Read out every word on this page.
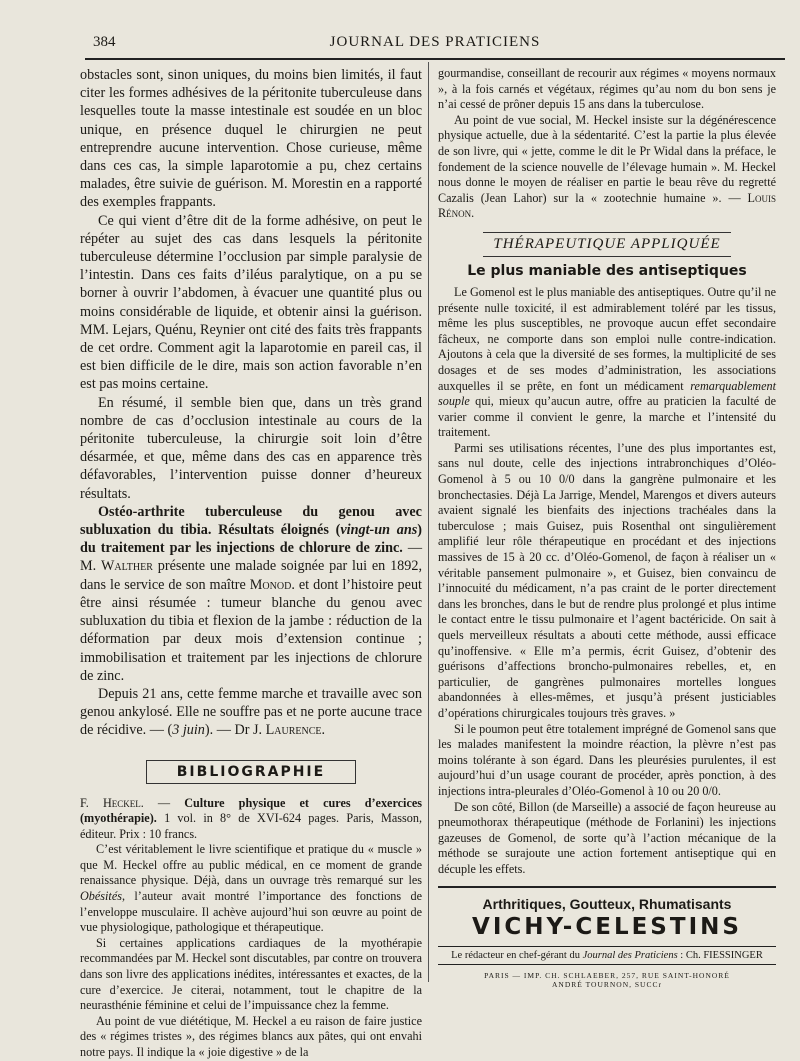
384	JOURNAL DES PRATICIENS

obstacles sont, sinon uniques, du moins bien limités, il faut citer les formes adhésives de la péritonite tuberculeuse dans lesquelles toute la masse intestinale est soudée en un bloc unique, en présence duquel le chirurgien ne peut entreprendre aucune intervention. Chose curieuse, même dans ces cas, la simple laparotomie a pu, chez certains malades, être suivie de guérison. M. Morestin en a rapporté des exemples frappants.

Ce qui vient d’être dit de la forme adhésive, on peut le répéter au sujet des cas dans lesquels la péritonite tuberculeuse détermine l’occlusion par simple paralysie de l’intestin. Dans ces faits d’iléus paralytique, on a pu se borner à ouvrir l’abdomen, à évacuer une quantité plus ou moins considérable de liquide, et obtenir ainsi la guérison. MM. Lejars, Quénu, Reynier ont cité des faits très frappants de cet ordre. Comment agit la laparotomie en pareil cas, il est bien difficile de le dire, mais son action favorable n’en est pas moins certaine.

En résumé, il semble bien que, dans un très grand nombre de cas d’occlusion intestinale au cours de la péritonite tuberculeuse, la chirurgie soit loin d’être désarmée, et que, même dans des cas en apparence très défavorables, l’intervention puisse donner d’heureux résultats.

Ostéo-arthrite tuberculeuse du genou avec subluxation du tibia. Résultats éloignés (vingt-un ans) du traitement par les injections de chlorure de zinc. — M. Walther présente une malade soignée par lui en 1892, dans le service de son maître Monod. et dont l’histoire peut être ainsi résumée : tumeur blanche du genou avec subluxation du tibia et flexion de la jambe : réduction de la déformation par deux mois d’extension continue ; immobilisation et traitement par les injections de chlorure de zinc.

Depuis 21 ans, cette femme marche et travaille avec son genou ankylosé. Elle ne souffre pas et ne porte aucune trace de récidive. — (3 juin). — Dr J. Laurence.

BIBLIOGRAPHIE

F. Heckel. — Culture physique et cures d’exercices (myothérapie). 1 vol. in 8° de XVI-624 pages. Paris, Masson, éditeur. Prix : 10 francs.

C’est véritablement le livre scientifique et pratique du « muscle » que M. Heckel offre au public médical, en ce moment de grande renaissance physique. Déjà, dans un ouvrage très remarqué sur les Obésités, l’auteur avait montré l’importance des fonctions de l’enveloppe musculaire. Il achève aujourd’hui son œuvre au point de vue physiologique, pathologique et thérapeutique.

Si certaines applications cardiaques de la myothérapie recommandées par M. Heckel sont discutables, par contre on trouvera dans son livre des applications inédites, intéressantes et exactes, de la cure d’exercice. Je citerai, notamment, tout le chapitre de la neurasthénie féminine et celui de l’impuissance chez la femme.

Au point de vue diététique, M. Heckel a eu raison de faire justice des « régimes tristes », des régimes blancs aux pâtes, qui ont envahi notre pays. Il indique la « joie digestive » de la

gourmandise, conseillant de recourir aux régimes « moyens normaux », à la fois carnés et végétaux, régimes qu’au nom du bon sens je n’ai cessé de prôner depuis 15 ans dans la tuberculose.

Au point de vue social, M. Heckel insiste sur la dégénérescence physique actuelle, due à la sédentarité. C’est la partie la plus élevée de son livre, qui « jette, comme le dit le Pr Widal dans la préface, le fondement de la science nouvelle de l’élevage humain ». M. Heckel nous donne le moyen de réaliser en partie le beau rêve du regretté Cazalis (Jean Lahor) sur la « zootechnie humaine ». — Louis Rénon.

THÉRAPEUTIQUE APPLIQUÉE
Le plus maniable des antiseptiques

Le Gomenol est le plus maniable des antiseptiques. Outre qu’il ne présente nulle toxicité, il est admirablement toléré par les tissus, même les plus susceptibles, ne provoque aucun effet secondaire fâcheux, ne comporte dans son emploi nulle contre-indication. Ajoutons à cela que la diversité de ses formes, la multiplicité de ses dosages et de ses modes d’administration, les associations auxquelles il se prête, en font un médicament remarquablement souple qui, mieux qu’aucun autre, offre au praticien la faculté de varier comme il convient le genre, la marche et l’intensité du traitement.

Parmi ses utilisations récentes, l’une des plus importantes est, sans nul doute, celle des injections intrabronchiques d’Oléo-Gomenol à 5 ou 10 0/0 dans la gangrène pulmonaire et les bronchectasies. Déjà La Jarrige, Mendel, Marengos et divers auteurs avaient signalé les bienfaits des injections trachéales dans la tuberculose ; mais Guisez, puis Rosenthal ont singulièrement amplifié leur rôle thérapeutique en procédant et des injections massives de 15 à 20 cc. d’Oléo-Gomenol, de façon à réaliser un « véritable pansement pulmonaire », et Guisez, bien convaincu de l’innocuité du médicament, n’a pas craint de le porter directement dans les bronches, dans le but de rendre plus prolongé et plus intime le contact entre le tissu pulmonaire et l’agent bactéricide. On sait à quels merveilleux résultats a abouti cette méthode, aussi efficace qu’inoffensive. « Elle m’a permis, écrit Guisez, d’obtenir des guérisons d’affections broncho-pulmonaires rebelles, et, en particulier, de gangrènes pulmonaires mortelles longues abandonnées à elles-mêmes, et jusqu’à présent justiciables d’opérations chirurgicales toujours très graves. »

Si le poumon peut être totalement imprégné de Gomenol sans que les malades manifestent la moindre réaction, la plèvre n’est pas moins tolérante à son égard. Dans les pleurésies purulentes, il est aujourd’hui d’un usage courant de procéder, après ponction, à des injections intra-pleurales d’Oléo-Gomenol à 10 ou 20 0/0.

De son côté, Billon (de Marseille) a associé de façon heureuse au pneumothorax thérapeutique (méthode de Forlanini) les injections gazeuses de Gomenol, de sorte qu’à l’action mécanique de la méthode se surajoute une action fortement antiseptique qui en décuple les effets.

Arthritiques, Goutteux, Rhumatisants
VICHY-CELESTINS
Le rédacteur en chef-gérant du Journal des Praticiens : Ch. FIESSINGER
PARIS — IMP. CH. SCHLAEBER, 257, RUE SAINT-HONORÉ
ANDRÉ TOURNON, SUCCr
